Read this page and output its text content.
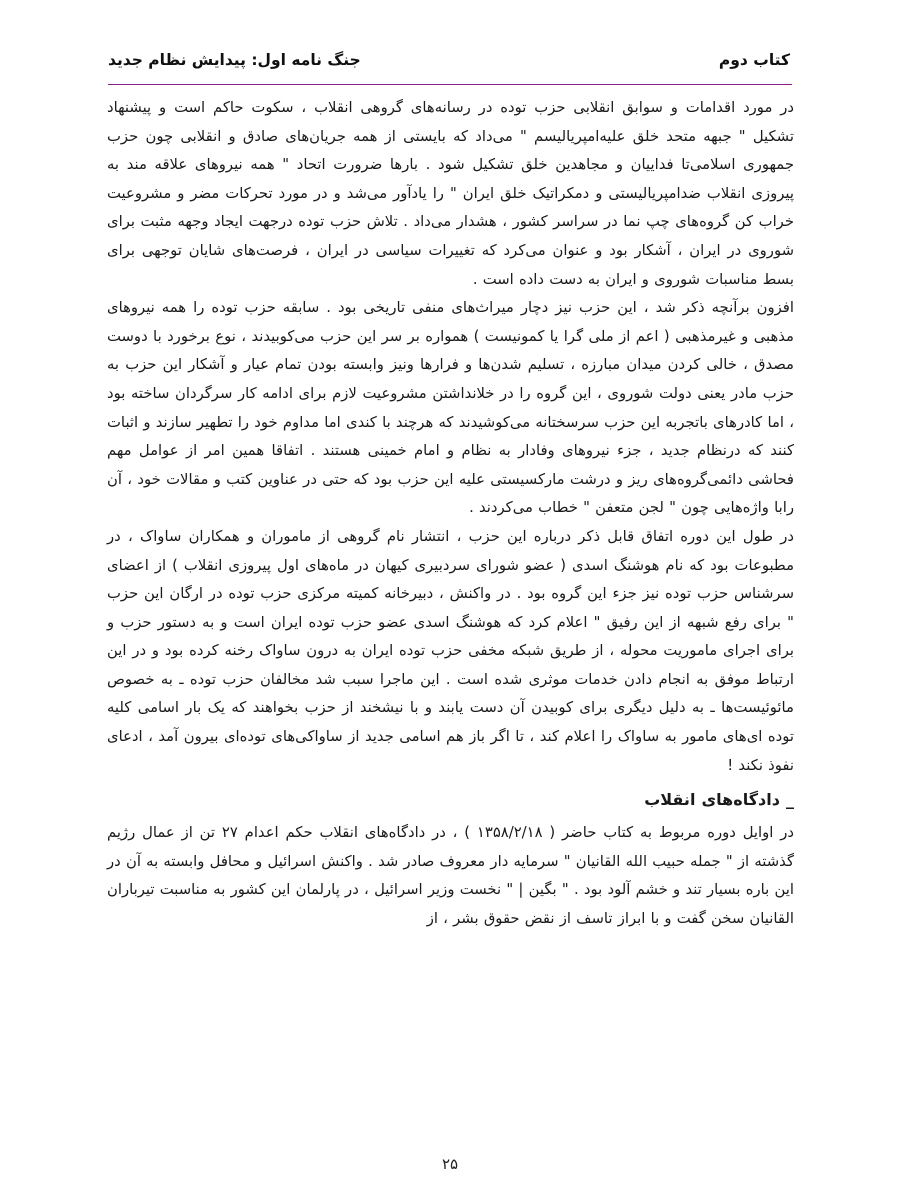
کتاب دوم
جنگ نامه اول: پیدایش نظام جدید

در مورد اقدامات و سوابق انقلابی حزب توده در رسانه‌های گروهی انقلاب ، سکوت حاکم است و پیشنهاد تشکیل " جبهه متحد خلق علیه‌امپریالیسم " می‌داد که بایستی از همه جریان‌های صادق و انقلابی چون حزب جمهوری اسلامی‌تا فداییان و مجاهدین خلق تشکیل شود . بارها ضرورت اتحاد " همه نیروهای علاقه مند به پیروزی انقلاب ضدامپریالیستی و دمکراتیک خلق ایران " را یادآور می‌شد و در مورد تحرکات مضر و مشروعیت خراب کن گروه‌های چپ نما در سراسر کشور ، هشدار می‌داد . تلاش حزب توده درجهت ایجاد وجهه مثبت برای شوروی در ایران ، آشکار بود و عنوان می‌کرد که تغییرات سیاسی در ایران ، فرصت‌های شایان توجهی برای بسط مناسبات شوروی و ایران به دست داده است .

افزون برآنچه ذکر شد ، این حزب نیز دچار میراث‌های منفی تاریخی بود . سابقه حزب توده را همه نیروهای مذهبی و غیرمذهبی ( اعم از ملی گرا یا کمونیست ) همواره بر سر این حزب می‌کوبیدند ، نوع برخورد با دوست مصدق ، خالی کردن میدان مبارزه ، تسلیم شدن‌ها و فرارها ونیز وابسته بودن تمام عیار و آشکار این حزب به حزب مادر یعنی دولت شوروی ، این گروه را در خلانداشتن مشروعیت لازم برای ادامه کار سرگردان ساخته بود ، اما کادرهای باتجربه این حزب سرسختانه می‌کوشیدند که هرچند با کندی اما مداوم خود را تطهیر سازند و اثبات کنند که درنظام جدید ، جزء نیروهای وفادار به نظام و امام خمینی هستند . اتفاقا همین امر از عوامل مهم فحاشی دائمی‌گروه‌های ریز و درشت مارکسیستی علیه این حزب بود که حتی در عناوین کتب و مقالات خود ، آن رابا واژه‌هایی چون " لجن متعفن " خطاب می‌کردند .

در طول این دوره اتفاق قابل ذکر درباره این حزب ، انتشار نام گروهی از ماموران و همکاران ساواک ، در مطبوعات بود که نام هوشنگ اسدی ( عضو شورای سردبیری کیهان در ماه‌های اول پیروزی انقلاب ) از اعضای سرشناس حزب توده نیز جزء این گروه بود . در واکنش ، دبیرخانه کمیته مرکزی حزب توده در ارگان این حزب " برای رفع شبهه از این رفیق " اعلام کرد که هوشنگ اسدی عضو حزب توده ایران است و به دستور حزب و برای اجرای ماموریت محوله ، از طریق شبکه مخفی حزب توده ایران به درون ساواک رخنه کرده بود و در این ارتباط موفق به انجام دادن خدمات موثری شده است . این ماجرا سبب شد مخالفان حزب توده ـ به خصوص مائوئیست‌ها ـ به دلیل دیگری برای کوبیدن آن دست یابند و با نیشخند از حزب بخواهند که یک بار اسامی کلیه توده ای‌های مامور به ساواک را اعلام کند ، تا اگر باز هم اسامی جدید از ساواکی‌های توده‌ای بیرون آمد ، ادعای نفوذ نکند !

_ دادگاه‌های انقلاب

در اوایل دوره مربوط به کتاب حاضر ( ۱۳۵۸/۲/۱۸ ) ، در دادگاه‌های انقلاب حکم اعدام ۲۷ تن از عمال رژیم گذشته از " جمله حبیب الله القانیان " سرمایه دار معروف صادر شد . واکنش اسرائیل و محافل وابسته به آن در این باره بسیار تند و خشم آلود بود . " بگین | " نخست وزیر اسرائیل ، در پارلمان این کشور به مناسبت تیرباران القانیان سخن گفت و با ابراز تاسف از نقض حقوق بشر ، از

۲۵
